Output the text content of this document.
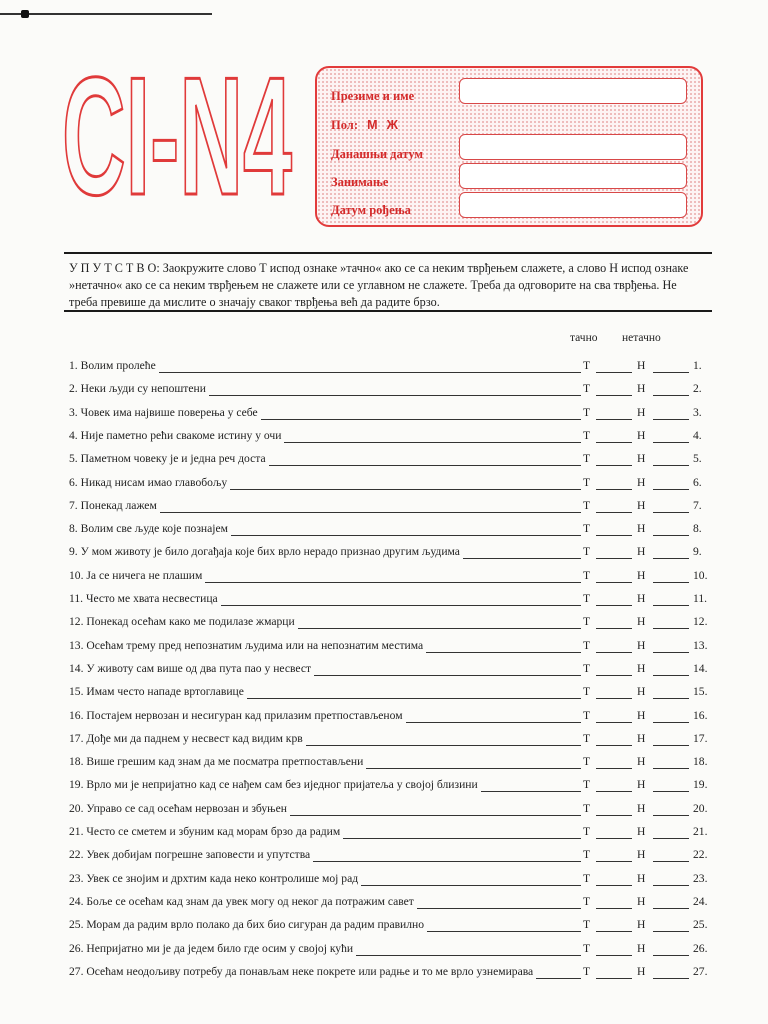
CI-N4	Презиме и име
Пол: М Ж
Данашњи датум
Занимање
Датум рођења
У П У Т С Т В О: Заокружите слово Т испод ознаке »тачно« ако се са неким тврђењем слажете, а слово Н испод ознаке »нетачно« ако се са неким тврђењем не слажете или се углавном не слажете. Треба да одговорите на сва тврђења. Не треба превише да мислите о значају сваког тврђења већ да радите брзо.
тачно нетачно
1. Волим пролеће	Т	Н	1.
2. Неки људи су непоштени	Т	Н	2.
3. Човек има највише поверења у себе	Т	Н	3.
4. Није паметно рећи свакоме истину у очи	Т	Н	4.
5. Паметном човеку је и једна реч доста	Т	Н	5.
6. Никад нисам имао главобољу	Т	Н	6.
7. Понекад лажем	Т	Н	7.
8. Волим све људе које познајем	Т	Н	8.
9. У мом животу је било догађаја које бих врло нерадо признао другим људима	Т	Н	9.
10. Ја се ничега не плашим	Т	Н	10.
11. Често ме хвата несвестица	Т	Н	11.
12. Понекад осећам како ме подилазе жмарци	Т	Н	12.
13. Осећам трему пред непознатим људима или на непознатим местима	Т	Н	13.
14. У животу сам више од два пута пао у несвест	Т	Н	14.
15. Имам често нападе вртоглавице	Т	Н	15.
16. Постајем нервозан и несигуран кад прилазим претпостављеном	Т	Н	16.
17. Дође ми да паднем у несвест кад видим крв	Т	Н	17.
18. Више грешим кад знам да ме посматра претпостављени	Т	Н	18.
19. Врло ми је непријатно кад се нађем сам без иједног пријатеља у својој близини	Т	Н	19.
20. Управо се сад осећам нервозан и збуњен	Т	Н	20.
21. Често се сметем и збуним кад морам брзо да радим	Т	Н	21.
22. Увек добијам погрешне заповести и упутства	Т	Н	22.
23. Увек се знојим и дрхтим када неко контролише мој рад	Т	Н	23.
24. Боље се осећам кад знам да увек могу од неког да потражим савет	Т	Н	24.
25. Морам да радим врло полако да бих био сигуран да радим правилно	Т	Н	25.
26. Непријатно ми је да једем било где осим у својој кући	Т	Н	26.
27. Осећам неодољиву потребу да понављам неке покрете или радње и то ме врло узнемирава	Т	Н	27.
